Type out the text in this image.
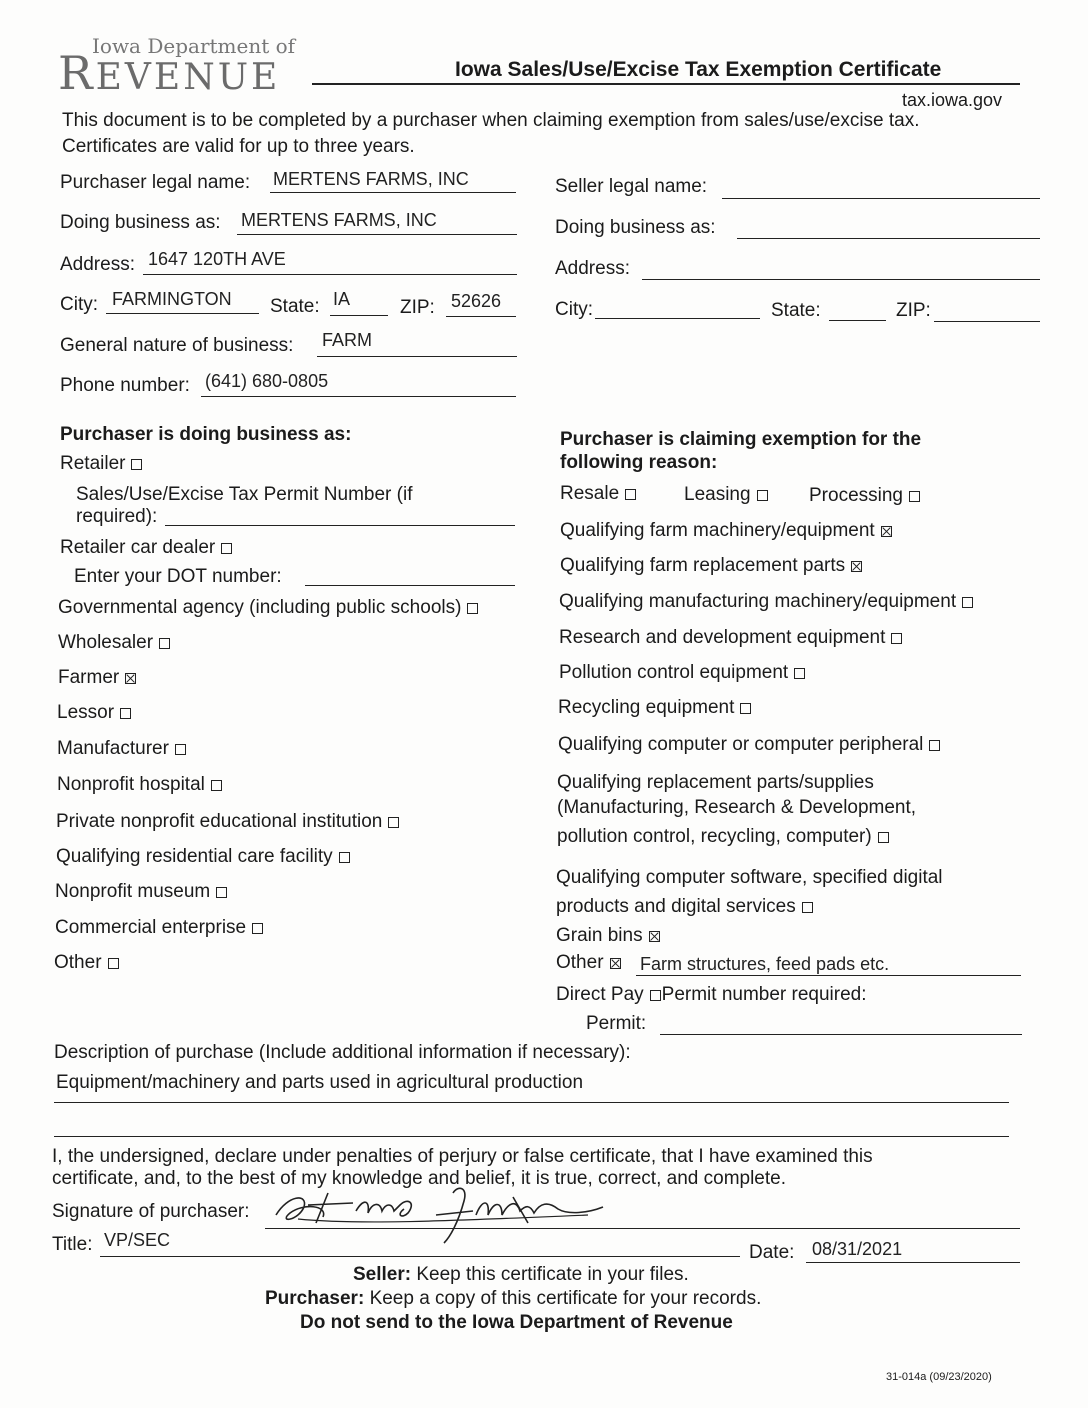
Iowa Department of
REVENUE	Iowa Sales/Use/Excise Tax Exemption Certificate
tax.iowa.gov
This document is to be completed by a purchaser when claiming exemption from sales/use/excise tax.
Certificates are valid for up to three years.
Purchaser legal name: MERTENS FARMS, INC
Doing business as: MERTENS FARMS, INC
Address: 1647 120TH AVE
City: FARMINGTON State: IA	ZIP: 52626
General nature of business: FARM
Phone number: (641) 680-0805
Seller legal name:
Doing business as:
Address:
City:	State:	ZIP:
Purchaser is doing business as:
Retailer
Sales/Use/Excise Tax Permit Number (if
required):
Retailer car dealer
Enter your DOT number:
Governmental agency (including public schools)
Wholesaler
Farmer
Lessor
Manufacturer
Nonprofit hospital
Private nonprofit educational institution
Qualifying residential care facility
Nonprofit museum
Commercial enterprise
Other
Purchaser is claiming exemption for the
following reason:
Resale	Leasing	Processing
Qualifying farm machinery/equipment
Qualifying farm replacement parts
Qualifying manufacturing machinery/equipment
Research and development equipment
Pollution control equipment
Recycling equipment
Qualifying computer or computer peripheral
Qualifying replacement parts/supplies
(Manufacturing, Research & Development,
pollution control, recycling, computer)
Qualifying computer software, specified digital
products and digital services
Grain bins
Other	Farm structures, feed pads etc.
Direct Pay Permit number required:
Permit:
Description of purchase (Include additional information if necessary):
Equipment/machinery and parts used in agricultural production
I, the undersigned, declare under penalties of perjury or false certificate, that I have examined this
certificate, and, to the best of my knowledge and belief, it is true, correct, and complete.
Signature of purchaser:
Title: VP/SEC
Date: 08/31/2021
Seller: Keep this certificate in your files.
Purchaser: Keep a copy of this certificate for your records.
Do not send to the Iowa Department of Revenue
31-014a (09/23/2020)
